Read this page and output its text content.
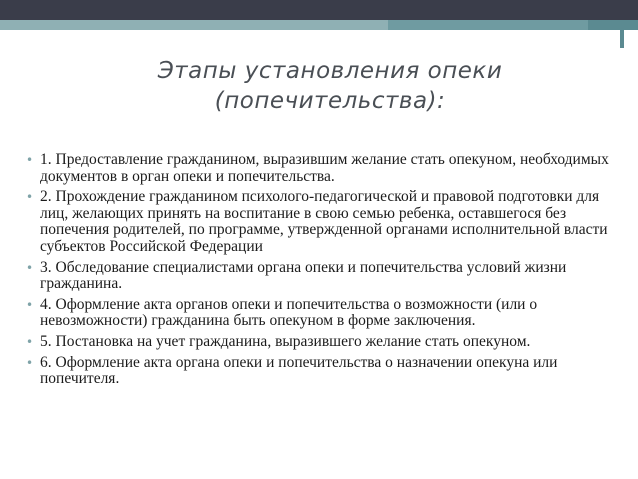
Этапы установления опеки
(попечительства):
• 1. Предоставление гражданином, выразившим желание стать опекуном, необходимых документов в орган опеки и попечительства.
• 2. Прохождение гражданином психолого-педагогической и правовой подготовки для лиц, желающих принять на воспитание в свою семью ребенка, оставшегося без попечения родителей, по программе, утвержденной органами исполнительной власти субъектов Российской Федерации
• 3. Обследование специалистами органа опеки и попечительства условий жизни гражданина.
• 4. Оформление акта органов опеки и попечительства о возможности (или о невозможности) гражданина быть опекуном в форме заключения.
• 5. Постановка на учет гражданина, выразившего желание стать опекуном.
• 6. Оформление акта органа опеки и попечительства о назначении опекуна или попечителя.
